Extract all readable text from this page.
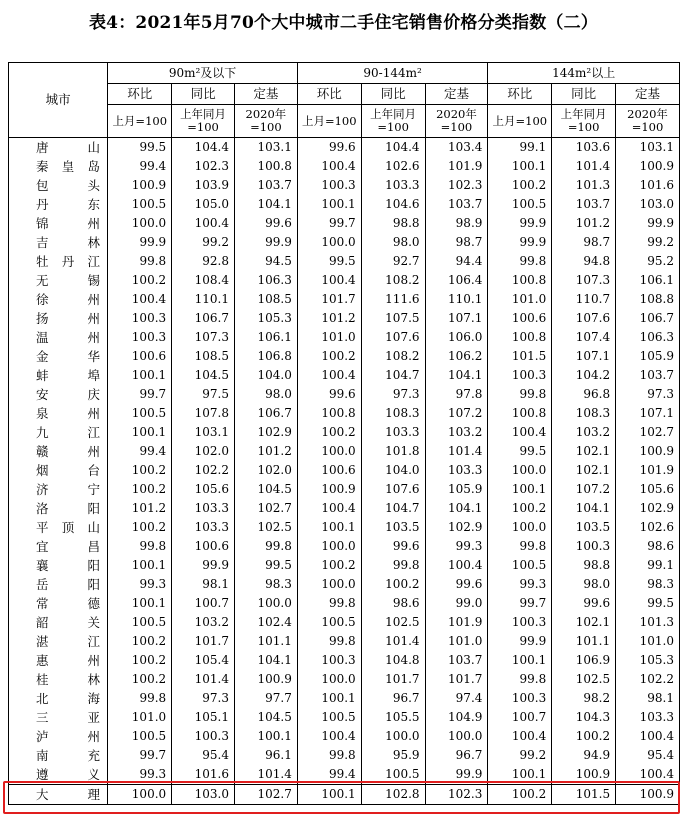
表4：2021年5月70个大中城市二手住宅销售价格分类指数（二）
城市	90m²及以下			90-144m²			144m²以上		
	环比	同比	定基	环比	同比	定基	环比	同比	定基
	上月=100	上年同月=100	2020年=100	上月=100	上年同月=100	2020年=100	上月=100	上年同月=100	2020年=100

唐 山	99.5	104.4	103.1	99.6	104.4	103.4	99.1	103.6	103.1

秦 皇 岛	99.4	102.3	100.8	100.4	102.6	101.9	100.1	101.4	100.9

包 头	100.9	103.9	103.7	100.3	103.3	102.3	100.2	101.3	101.6

丹 东	100.5	105.0	104.1	100.1	104.6	103.7	100.5	103.7	103.0

锦 州	100.0	100.4	99.6	99.7	98.8	98.9	99.9	101.2	99.9

吉 林	99.9	99.2	99.9	100.0	98.0	98.7	99.9	98.7	99.2

牡 丹 江	99.8	92.8	94.5	99.5	92.7	94.4	99.8	94.8	95.2

无 锡	100.2	108.4	106.3	100.4	108.2	106.4	100.8	107.3	106.1

徐 州	100.4	110.1	108.5	101.7	111.6	110.1	101.0	110.7	108.8

扬 州	100.3	106.7	105.3	101.2	107.5	107.1	100.6	107.6	106.7

温 州	100.3	107.3	106.1	101.0	107.6	106.0	100.8	107.4	106.3

金 华	100.6	108.5	106.8	100.2	108.2	106.2	101.5	107.1	105.9

蚌 埠	100.1	104.5	104.0	100.4	104.7	104.1	100.3	104.2	103.7

安 庆	99.7	97.5	98.0	99.6	97.3	97.8	99.8	96.8	97.3

泉 州	100.5	107.8	106.7	100.8	108.3	107.2	100.8	108.3	107.1

九 江	100.1	103.1	102.9	100.2	103.3	103.2	100.4	103.2	102.7

赣 州	99.4	102.0	101.2	100.0	101.8	101.4	99.5	102.1	100.9

烟 台	100.2	102.2	102.0	100.6	104.0	103.3	100.0	102.1	101.9

济 宁	100.2	105.6	104.5	100.9	107.6	105.9	100.1	107.2	105.6

洛 阳	101.2	103.3	102.7	100.4	104.7	104.1	100.2	104.1	102.9

平 顶 山	100.2	103.3	102.5	100.1	103.5	102.9	100.0	103.5	102.6

宜 昌	99.8	100.6	99.8	100.0	99.6	99.3	99.8	100.3	98.6

襄 阳	100.1	99.9	99.5	100.2	99.8	100.4	100.5	98.8	99.1

岳 阳	99.3	98.1	98.3	100.0	100.2	99.6	99.3	98.0	98.3

常 德	100.1	100.7	100.0	99.8	98.6	99.0	99.7	99.6	99.5

韶 关	100.5	103.2	102.4	100.5	102.5	101.9	100.3	102.1	101.3

湛 江	100.2	101.7	101.1	99.8	101.4	101.0	99.9	101.1	101.0

惠 州	100.2	105.4	104.1	100.3	104.8	103.7	100.1	106.9	105.3

桂 林	100.2	101.4	100.9	100.0	101.7	101.7	99.8	102.5	102.2

北 海	99.8	97.3	97.7	100.1	96.7	97.4	100.3	98.2	98.1

三 亚	101.0	105.1	104.5	100.5	105.5	104.9	100.7	104.3	103.3

泸 州	100.5	100.3	100.1	100.4	100.0	100.0	100.4	100.2	100.4

南 充	99.7	95.4	96.1	99.8	95.9	96.7	99.2	94.9	95.4

遵 义	99.3	101.6	101.4	99.4	100.5	99.9	100.1	100.9	100.4

大 理	100.0	103.0	102.7	100.1	102.8	102.3	100.2	101.5	100.9
